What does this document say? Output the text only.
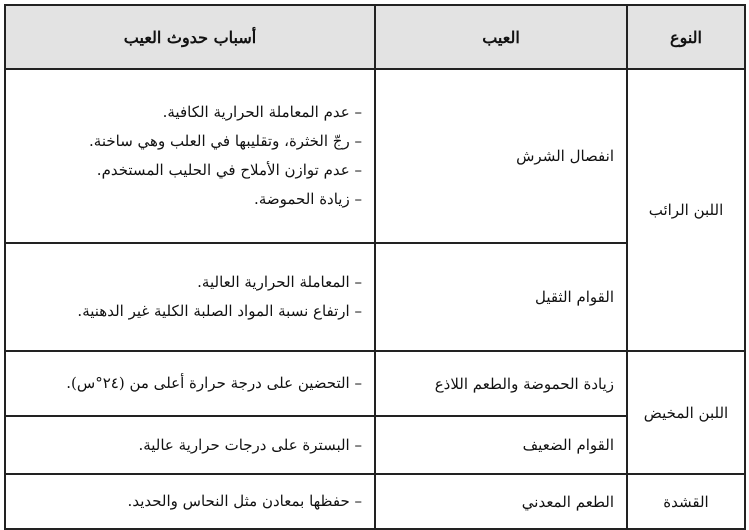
النوع	العيب	أسباب حدوث العيب
اللبن الرائب	انفصال الشرش	– عدم المعاملة الحرارية الكافية.
– رجّ الخثرة، وتقليبها في العلب وهي ساخنة.
– عدم توازن الأملاح في الحليب المستخدم.
– زيادة الحموضة.

	القوام الثقيل	– المعاملة الحرارية العالية.
– ارتفاع نسبة المواد الصلبة الكلية غير الدهنية.

اللبن المخيض	زيادة الحموضة والطعم اللاذع	– التحضين على درجة حرارة أعلى من (٢٤°س).

	القوام الضعيف	– البسترة على درجات حرارية عالية.

القشدة	الطعم المعدني	– حفظها بمعادن مثل النحاس والحديد.
